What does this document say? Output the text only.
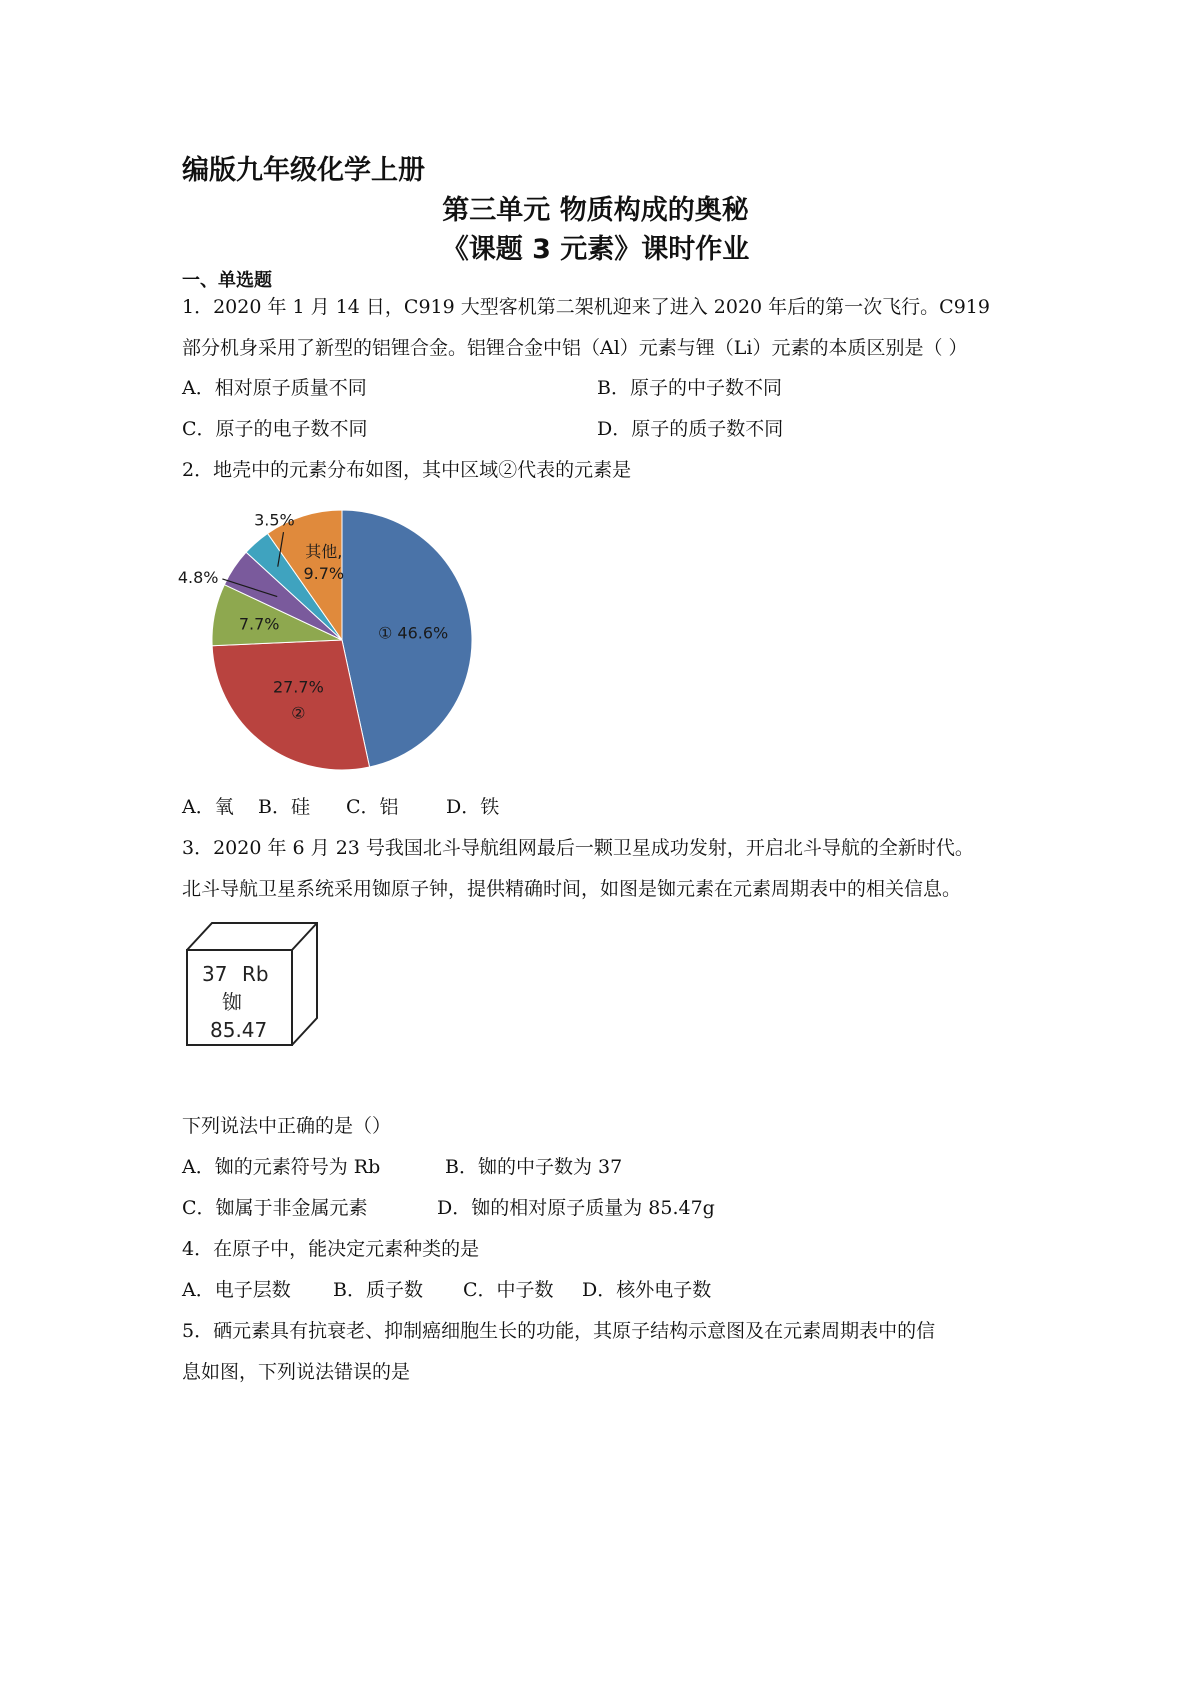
编版九年级化学上册
第三单元 物质构成的奥秘
《课题 3 元素》课时作业
一、单选题
1．2020 年 1 月 14 日，C919 大型客机第二架机迎来了进入 2020 年后的第一次飞行。C919
部分机身采用了新型的铝锂合金。铝锂合金中铝（Al）元素与锂（Li）元素的本质区别是（ ）
A．相对原子质量不同	B．原子的中子数不同
C．原子的电子数不同	D．原子的质子数不同
2．地壳中的元素分布如图，其中区域②代表的元素是
① 46.6%
27.7%
②
7.7%
4.8%
3.5%
其他,
9.7%
A．氧 B．硅 C．铝 D．铁
3．2020 年 6 月 23 号我国北斗导航组网最后一颗卫星成功发射，开启北斗导航的全新时代。
北斗导航卫星系统采用铷原子钟，提供精确时间，如图是铷元素在元素周期表中的相关信息。
37 Rb
铷
85.47
下列说法中正确的是（）
A．铷的元素符号为 Rb	B．铷的中子数为 37
C．铷属于非金属元素	D．铷的相对原子质量为 85.47g
4．在原子中，能决定元素种类的是
A．电子层数 B．质子数 C．中子数 D．核外电子数
5．硒元素具有抗衰老、抑制癌细胞生长的功能，其原子结构示意图及在元素周期表中的信
息如图，下列说法错误的是
